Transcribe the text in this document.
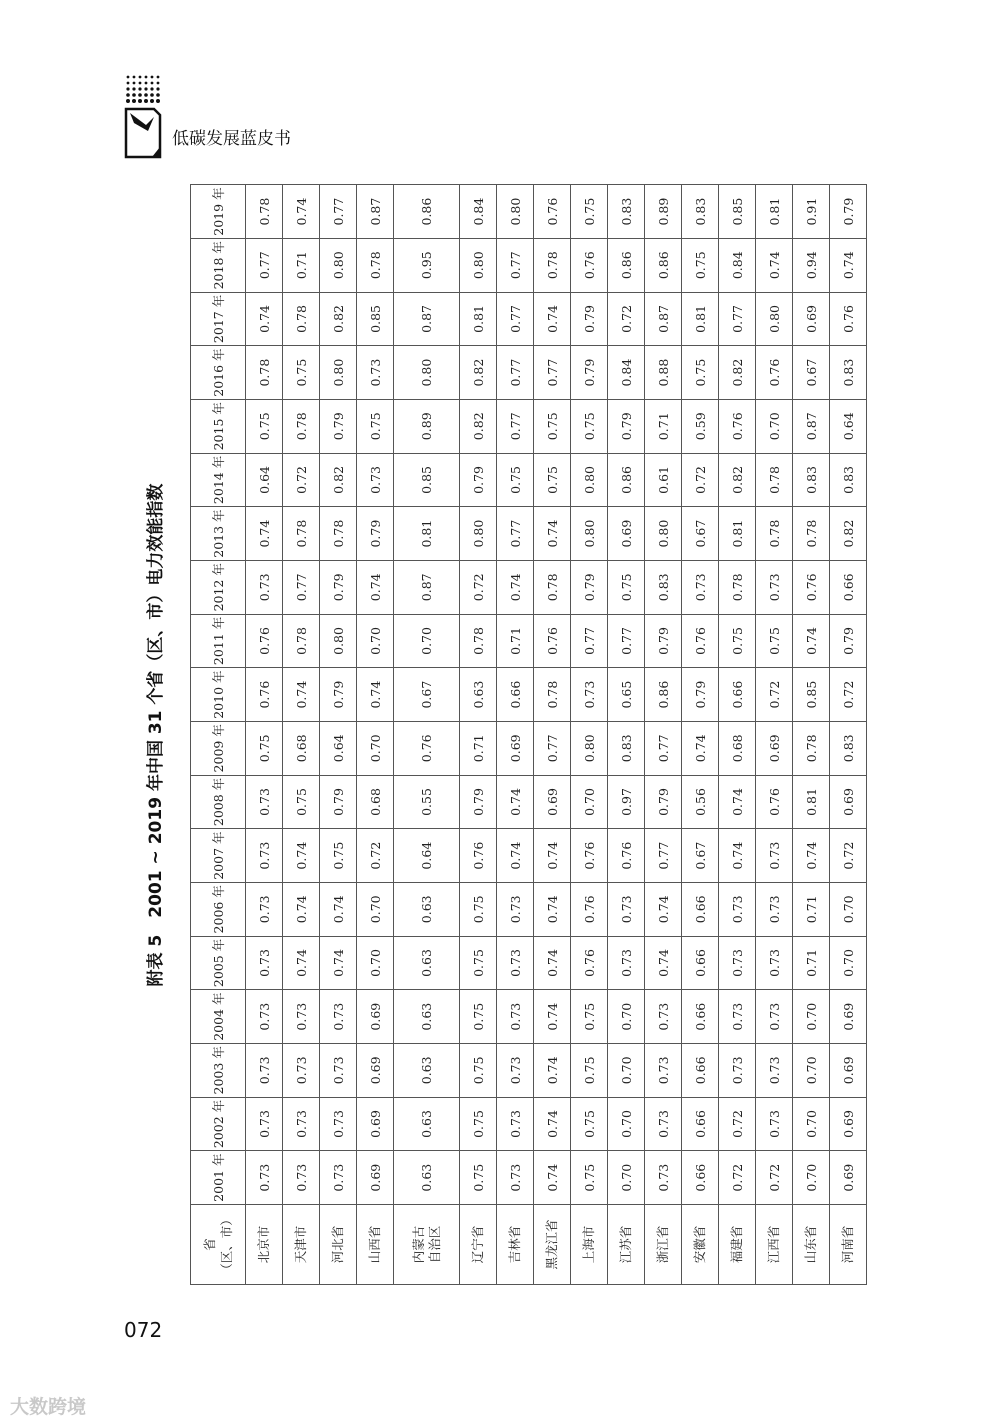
低碳发展蓝皮书
附表 5　2001 ~ 2019 年中国 31 个省（区、市）电力效能指数
省 （区、市）	2001 年	2002 年	2003 年	2004 年	2005 年	2006 年	2007 年	2008 年	2009 年	2010 年	2011 年	2012 年	2013 年	2014 年	2015 年	2016 年	2017 年	2018 年	2019 年
北京市	0.73	0.73	0.73	0.73	0.73	0.73	0.73	0.73	0.75	0.76	0.76	0.73	0.74	0.64	0.75	0.78	0.74	0.77	0.78
天津市	0.73	0.73	0.73	0.73	0.74	0.74	0.74	0.75	0.68	0.74	0.78	0.77	0.78	0.72	0.78	0.75	0.78	0.71	0.74
河北省	0.73	0.73	0.73	0.73	0.74	0.74	0.75	0.79	0.64	0.79	0.80	0.79	0.78	0.82	0.79	0.80	0.82	0.80	0.77
山西省	0.69	0.69	0.69	0.69	0.70	0.70	0.72	0.68	0.70	0.74	0.70	0.74	0.79	0.73	0.75	0.73	0.85	0.78	0.87
内蒙古
自治区	0.63	0.63	0.63	0.63	0.63	0.63	0.64	0.55	0.76	0.67	0.70	0.87	0.81	0.85	0.89	0.80	0.87	0.95	0.86
辽宁省	0.75	0.75	0.75	0.75	0.75	0.75	0.76	0.79	0.71	0.63	0.78	0.72	0.80	0.79	0.82	0.82	0.81	0.80	0.84
吉林省	0.73	0.73	0.73	0.73	0.73	0.73	0.74	0.74	0.69	0.66	0.71	0.74	0.77	0.75	0.77	0.77	0.77	0.77	0.80
黑龙江省	0.74	0.74	0.74	0.74	0.74	0.74	0.74	0.69	0.77	0.78	0.76	0.78	0.74	0.75	0.75	0.77	0.74	0.78	0.76
上海市	0.75	0.75	0.75	0.75	0.76	0.76	0.76	0.70	0.80	0.73	0.77	0.79	0.80	0.80	0.75	0.79	0.79	0.76	0.75
江苏省	0.70	0.70	0.70	0.70	0.73	0.73	0.76	0.97	0.83	0.65	0.77	0.75	0.69	0.86	0.79	0.84	0.72	0.86	0.83
浙江省	0.73	0.73	0.73	0.73	0.74	0.74	0.77	0.79	0.77	0.86	0.79	0.83	0.80	0.61	0.71	0.88	0.87	0.86	0.89
安徽省	0.66	0.66	0.66	0.66	0.66	0.66	0.67	0.56	0.74	0.79	0.76	0.73	0.67	0.72	0.59	0.75	0.81	0.75	0.83
福建省	0.72	0.72	0.73	0.73	0.73	0.73	0.74	0.74	0.68	0.66	0.75	0.78	0.81	0.82	0.76	0.82	0.77	0.84	0.85
江西省	0.72	0.73	0.73	0.73	0.73	0.73	0.73	0.76	0.69	0.72	0.75	0.73	0.78	0.78	0.70	0.76	0.80	0.74	0.81
山东省	0.70	0.70	0.70	0.70	0.71	0.71	0.74	0.81	0.78	0.85	0.74	0.76	0.78	0.83	0.87	0.67	0.69	0.94	0.91
河南省	0.69	0.69	0.69	0.69	0.70	0.70	0.72	0.69	0.83	0.72	0.79	0.66	0.82	0.83	0.64	0.83	0.76	0.74	0.79
072
大数跨境
